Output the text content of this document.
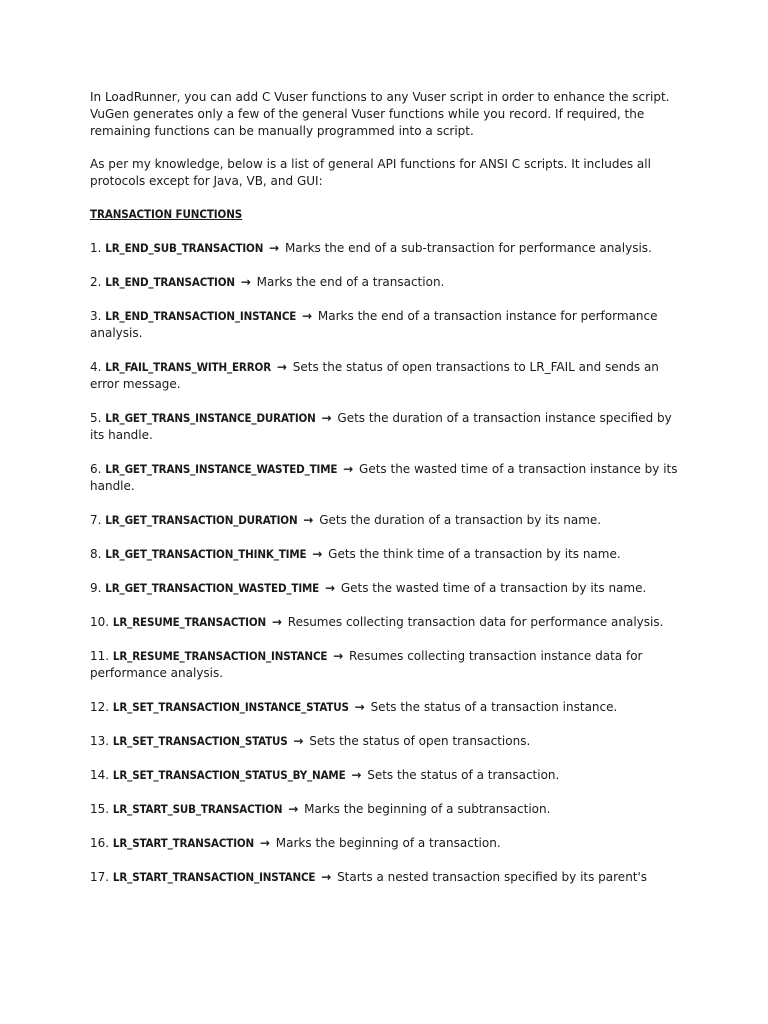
In LoadRunner, you can add C Vuser functions to any Vuser script in order to enhance the script. VuGen generates only a few of the general Vuser functions while you record. If required, the remaining functions can be manually programmed into a script.

As per my knowledge, below is a list of general API functions for ANSI C scripts. It includes all protocols except for Java, VB, and GUI:

TRANSACTION FUNCTIONS
1. LR_END_SUB_TRANSACTION → Marks the end of a sub-transaction for performance analysis.
2. LR_END_TRANSACTION → Marks the end of a transaction.
3. LR_END_TRANSACTION_INSTANCE → Marks the end of a transaction instance for performance analysis.
4. LR_FAIL_TRANS_WITH_ERROR → Sets the status of open transactions to LR_FAIL and sends an error message.
5. LR_GET_TRANS_INSTANCE_DURATION → Gets the duration of a transaction instance specified by its handle.
6. LR_GET_TRANS_INSTANCE_WASTED_TIME → Gets the wasted time of a transaction instance by its handle.
7. LR_GET_TRANSACTION_DURATION → Gets the duration of a transaction by its name.
8. LR_GET_TRANSACTION_THINK_TIME → Gets the think time of a transaction by its name.
9. LR_GET_TRANSACTION_WASTED_TIME → Gets the wasted time of a transaction by its name.
10. LR_RESUME_TRANSACTION → Resumes collecting transaction data for performance analysis.
11. LR_RESUME_TRANSACTION_INSTANCE → Resumes collecting transaction instance data for performance analysis.
12. LR_SET_TRANSACTION_INSTANCE_STATUS → Sets the status of a transaction instance.
13. LR_SET_TRANSACTION_STATUS → Sets the status of open transactions.
14. LR_SET_TRANSACTION_STATUS_BY_NAME → Sets the status of a transaction.
15. LR_START_SUB_TRANSACTION → Marks the beginning of a subtransaction.
16. LR_START_TRANSACTION → Marks the beginning of a transaction.
17. LR_START_TRANSACTION_INSTANCE → Starts a nested transaction specified by its parent's
